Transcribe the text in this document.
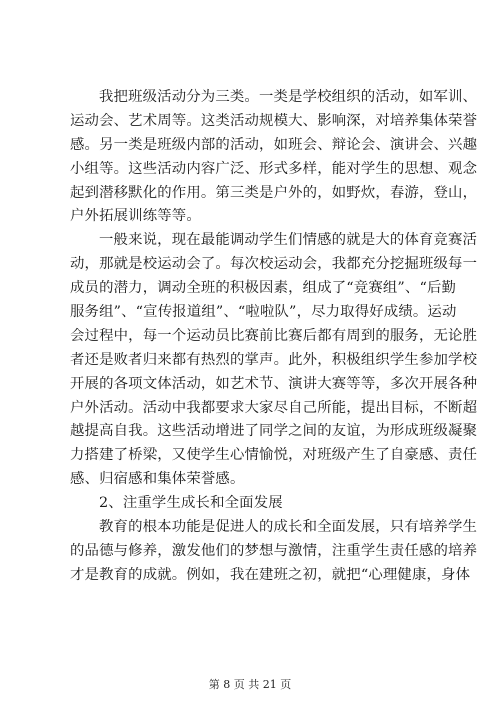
我把班级活动分为三类。一类是学校组织的活动，如军训、
运动会、艺术周等。这类活动规模大、影响深，对培养集体荣誉
感。另一类是班级内部的活动，如班会、辩论会、演讲会、兴趣
小组等。这些活动内容广泛、形式多样，能对学生的思想、观念
起到潜移默化的作用。第三类是户外的，如野炊，春游，登山，
户外拓展训练等等。
一般来说，现在最能调动学生们情感的就是大的体育竞赛活
动，那就是校运动会了。每次校运动会，我都充分挖掘班级每一
成员的潜力，调动全班的积极因素，组成了“竞赛组”、“后勤
服务组”、“宣传报道组”、“啦啦队”，尽力取得好成绩。运动
会过程中，每一个运动员比赛前比赛后都有周到的服务，无论胜
者还是败者归来都有热烈的掌声。此外，积极组织学生参加学校
开展的各项文体活动，如艺术节、演讲大赛等等，多次开展各种
户外活动。活动中我都要求大家尽自己所能，提出目标，不断超
越提高自我。这些活动增进了同学之间的友谊，为形成班级凝聚
力搭建了桥梁，又使学生心情愉悦，对班级产生了自豪感、责任
感、归宿感和集体荣誉感。
2、注重学生成长和全面发展
教育的根本功能是促进人的成长和全面发展，只有培养学生
的品德与修养，激发他们的梦想与激情，注重学生责任感的培养
才是教育的成就。例如，我在建班之初，就把“心理健康，身体
第 8 页 共 21 页
